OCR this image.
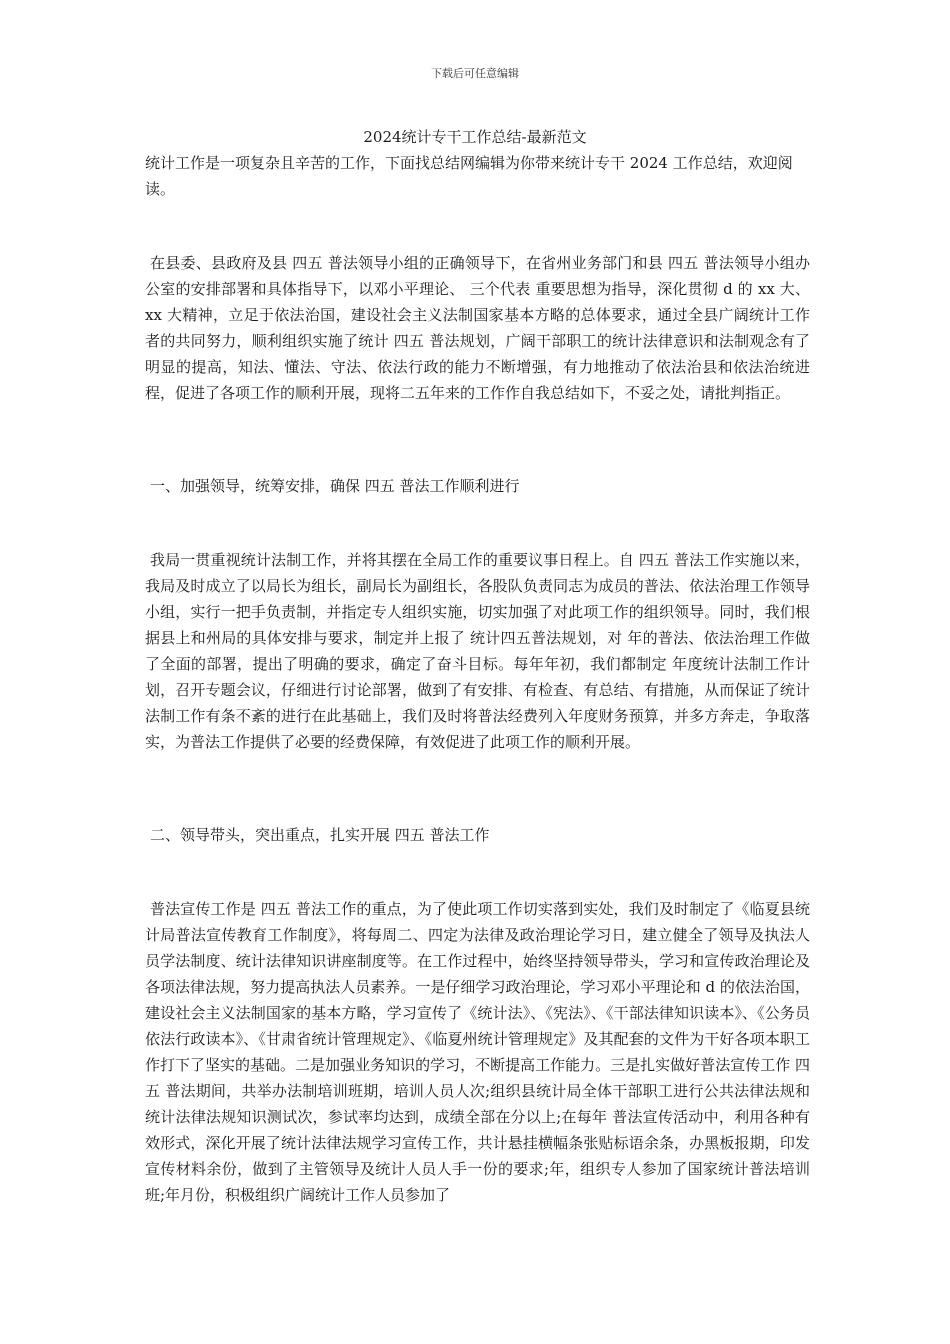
下载后可任意编辑
2024统计专干工作总结-最新范文

统计工作是一项复杂且辛苦的工作，下面找总结网编辑为你带来统计专干 2024 工作总结，欢迎阅读。

在县委、县政府及县 四五 普法领导小组的正确领导下，在省州业务部门和县 四五 普法领导小组办公室的安排部署和具体指导下，以邓小平理论、 三个代表 重要思想为指导，深化贯彻 d 的 xx 大、xx 大精神，立足于依法治国，建设社会主义法制国家基本方略的总体要求，通过全县广阔统计工作者的共同努力，顺利组织实施了统计 四五 普法规划，广阔干部职工的统计法律意识和法制观念有了明显的提高，知法、懂法、守法、依法行政的能力不断增强，有力地推动了依法治县和依法治统进程，促进了各项工作的顺利开展，现将二五年来的工作作自我总结如下，不妥之处，请批判指正。

一、加强领导，统筹安排，确保 四五 普法工作顺利进行

我局一贯重视统计法制工作，并将其摆在全局工作的重要议事日程上。自 四五 普法工作实施以来，我局及时成立了以局长为组长，副局长为副组长，各股队负责同志为成员的普法、依法治理工作领导小组，实行一把手负责制，并指定专人组织实施，切实加强了对此项工作的组织领导。同时，我们根据县上和州局的具体安排与要求，制定并上报了 统计四五普法规划，对 年的普法、依法治理工作做了全面的部署，提出了明确的要求，确定了奋斗目标。每年年初，我们都制定 年度统计法制工作计划，召开专题会议，仔细进行讨论部署，做到了有安排、有检查、有总结、有措施，从而保证了统计法制工作有条不紊的进行在此基础上，我们及时将普法经费列入年度财务预算，并多方奔走，争取落实，为普法工作提供了必要的经费保障，有效促进了此项工作的顺利开展。

二、领导带头，突出重点，扎实开展 四五 普法工作

普法宣传工作是 四五 普法工作的重点，为了使此项工作切实落到实处，我们及时制定了《临夏县统计局普法宣传教育工作制度》，将每周二、四定为法律及政治理论学习日，建立健全了领导及执法人员学法制度、统计法律知识讲座制度等。在工作过程中，始终坚持领导带头，学习和宣传政治理论及各项法律法规，努力提高执法人员素养。一是仔细学习政治理论，学习邓小平理论和 d 的依法治国，建设社会主义法制国家的基本方略，学习宣传了《统计法》、《宪法》、《干部法律知识读本》、《公务员依法行政读本》、《甘肃省统计管理规定》、《临夏州统计管理规定》及其配套的文件为干好各项本职工作打下了坚实的基础。二是加强业务知识的学习，不断提高工作能力。三是扎实做好普法宣传工作 四五 普法期间，共举办法制培训班期，培训人员人次;组织县统计局全体干部职工进行公共法律法规和统计法律法规知识测试次，参试率均达到，成绩全部在分以上;在每年 普法宣传活动中，利用各种有效形式，深化开展了统计法律法规学习宣传工作，共计悬挂横幅条张贴标语余条，办黑板报期，印发宣传材料余份，做到了主管领导及统计人员人手一份的要求;年，组织专人参加了国家统计普法培训班;年月份，积极组织广阔统计工作人员参加了
